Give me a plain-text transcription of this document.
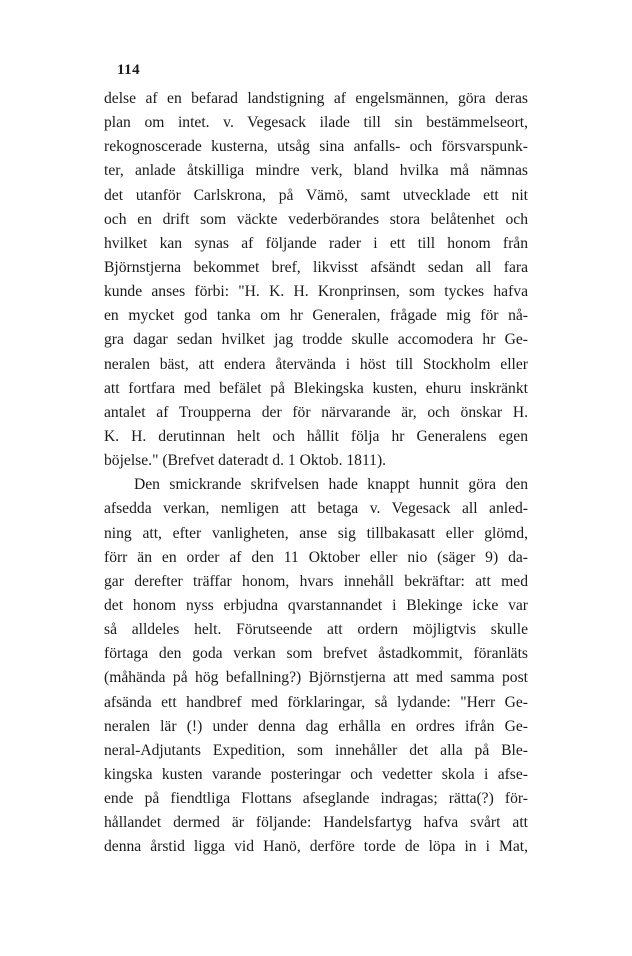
114
delse af en befarad landstigning af engelsmännen, göra deras
plan om intet. v. Vegesack ilade till sin bestämmelseort,
rekognoscerade kusterna, utsåg sina anfalls- och försvarspunk-
ter, anlade åtskilliga mindre verk, bland hvilka må nämnas
det utanför Carlskrona, på Vämö, samt utvecklade ett nit
och en drift som väckte vederbörandes stora belåtenhet och
hvilket kan synas af följande rader i ett till honom från
Björnstjerna bekommet bref, likvisst afsändt sedan all fara
kunde anses förbi: "H. K. H. Kronprinsen, som tyckes hafva
en mycket god tanka om hr Generalen, frågade mig för nå-
gra dagar sedan hvilket jag trodde skulle accomodera hr Ge-
neralen bäst, att endera återvända i höst till Stockholm eller
att fortfara med befälet på Blekingska kusten, ehuru inskränkt
antalet af Troupperna der för närvarande är, och önskar H.
K. H. derutinnan helt och hållit följa hr Generalens egen
böjelse." (Brefvet dateradt d. 1 Oktob. 1811).
Den smickrande skrifvelsen hade knappt hunnit göra den
afsedda verkan, nemligen att betaga v. Vegesack all anled-
ning att, efter vanligheten, anse sig tillbakasatt eller glömd,
förr än en order af den 11 Oktober eller nio (säger 9) da-
gar derefter träffar honom, hvars innehåll bekräftar: att med
det honom nyss erbjudna qvarstannandet i Blekinge icke var
så alldeles helt. Förutseende att ordern möjligtvis skulle
förtaga den goda verkan som brefvet åstadkommit, föranläts
(måhända på hög befallning?) Björnstjerna att med samma post
afsända ett handbref med förklaringar, så lydande: "Herr Ge-
neralen lär (!) under denna dag erhålla en ordres ifrån Ge-
neral-Adjutants Expedition, som innehåller det alla på Ble-
kingska kusten varande posteringar och vedetter skola i afse-
ende på fiendtliga Flottans afseglande indragas; rätta(?) för-
hållandet dermed är följande: Handelsfartyg hafva svårt att
denna årstid ligga vid Hanö, derföre torde de löpa in i Mat,
